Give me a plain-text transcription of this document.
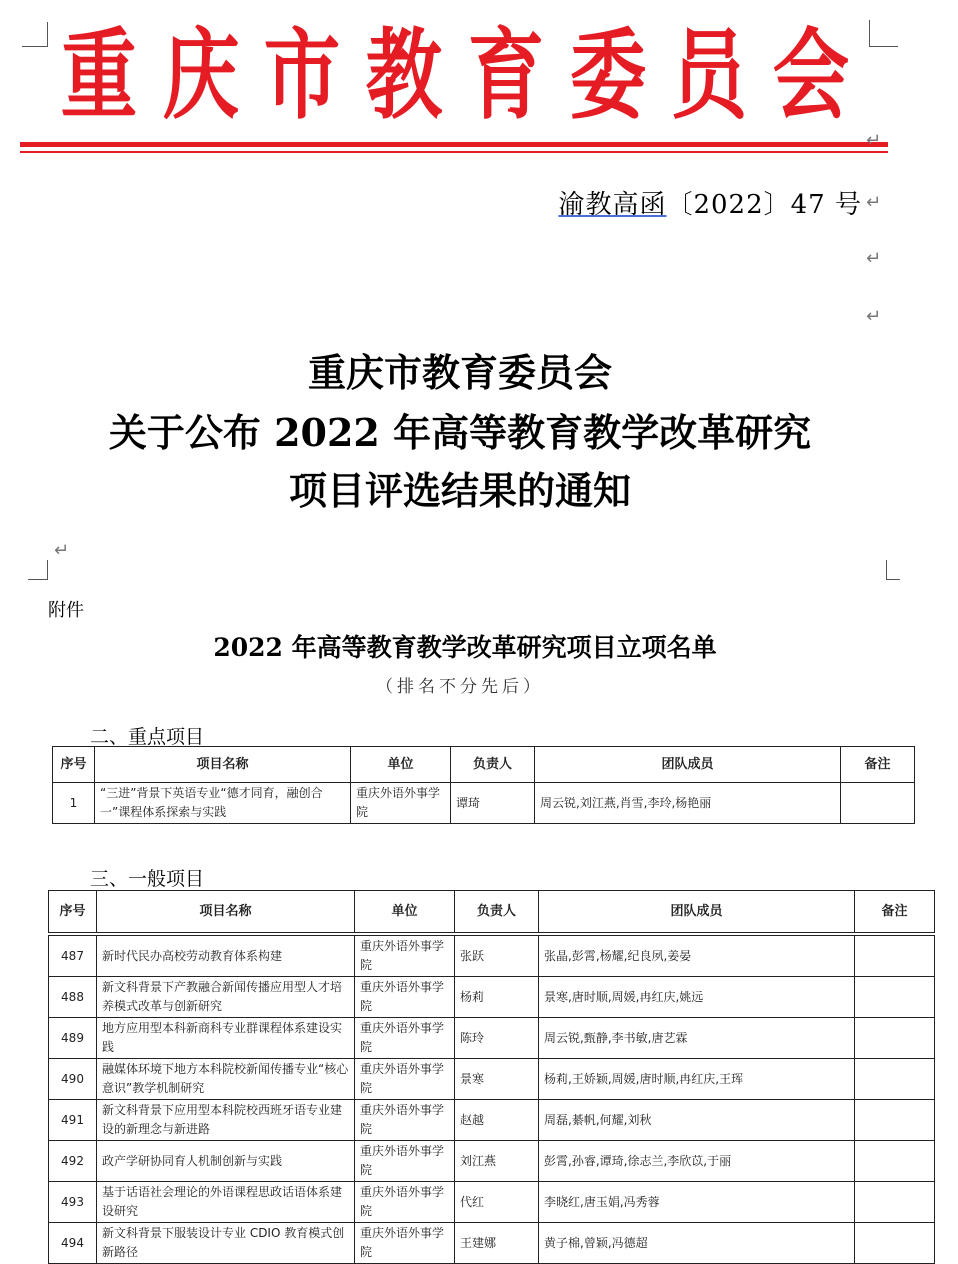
重 庆 市 教 育 委 员 会
↵
渝教高函〔2022〕47 号 ↵
↵
↵
重庆市教育委员会
关于公布 2022 年高等教育教学改革研究
项目评选结果的通知
↵
附件
2022 年高等教育教学改革研究项目立项名单
（排名不分先后）
二、重点项目
序号	项目名称	单位	负责人	团队成员	备注
1	“三进”背景下英语专业“德才同育，融创合一”课程体系探索与实践	重庆外语外事学院	谭琦	周云锐,刘江燕,肖雪,李玲,杨艳丽	
三、一般项目
序号	项目名称	单位	负责人	团队成员	备注
487	新时代民办高校劳动教育体系构建	重庆外语外事学院	张跃	张晶,彭霄,杨耀,纪良夙,姜晏	

488	新文科背景下产教融合新闻传播应用型人才培养模式改革与创新研究	重庆外语外事学院	杨莉	景寒,唐时顺,周媛,冉红庆,姚远	

489	地方应用型本科新商科专业群课程体系建设实践	重庆外语外事学院	陈玲	周云锐,甄静,李书敏,唐艺霖	

490	融媒体环境下地方本科院校新闻传播专业“核心意识”教学机制研究	重庆外语外事学院	景寒	杨莉,王娇颖,周媛,唐时顺,冉红庆,王珲	

491	新文科背景下应用型本科院校西班牙语专业建设的新理念与新进路	重庆外语外事学院	赵越	周磊,綦帆,何耀,刘秋	

492	政产学研协同育人机制创新与实践	重庆外语外事学院	刘江燕	彭霄,孙睿,谭琦,徐志兰,李欣苡,于丽	

493	基于话语社会理论的外语课程思政话语体系建设研究	重庆外语外事学院	代红	李晓红,唐玉娟,冯秀蓉	

494	新文科背景下服装设计专业 CDIO 教育模式创新路径	重庆外语外事学院	王建娜	黄子棉,曾颖,冯德超	
